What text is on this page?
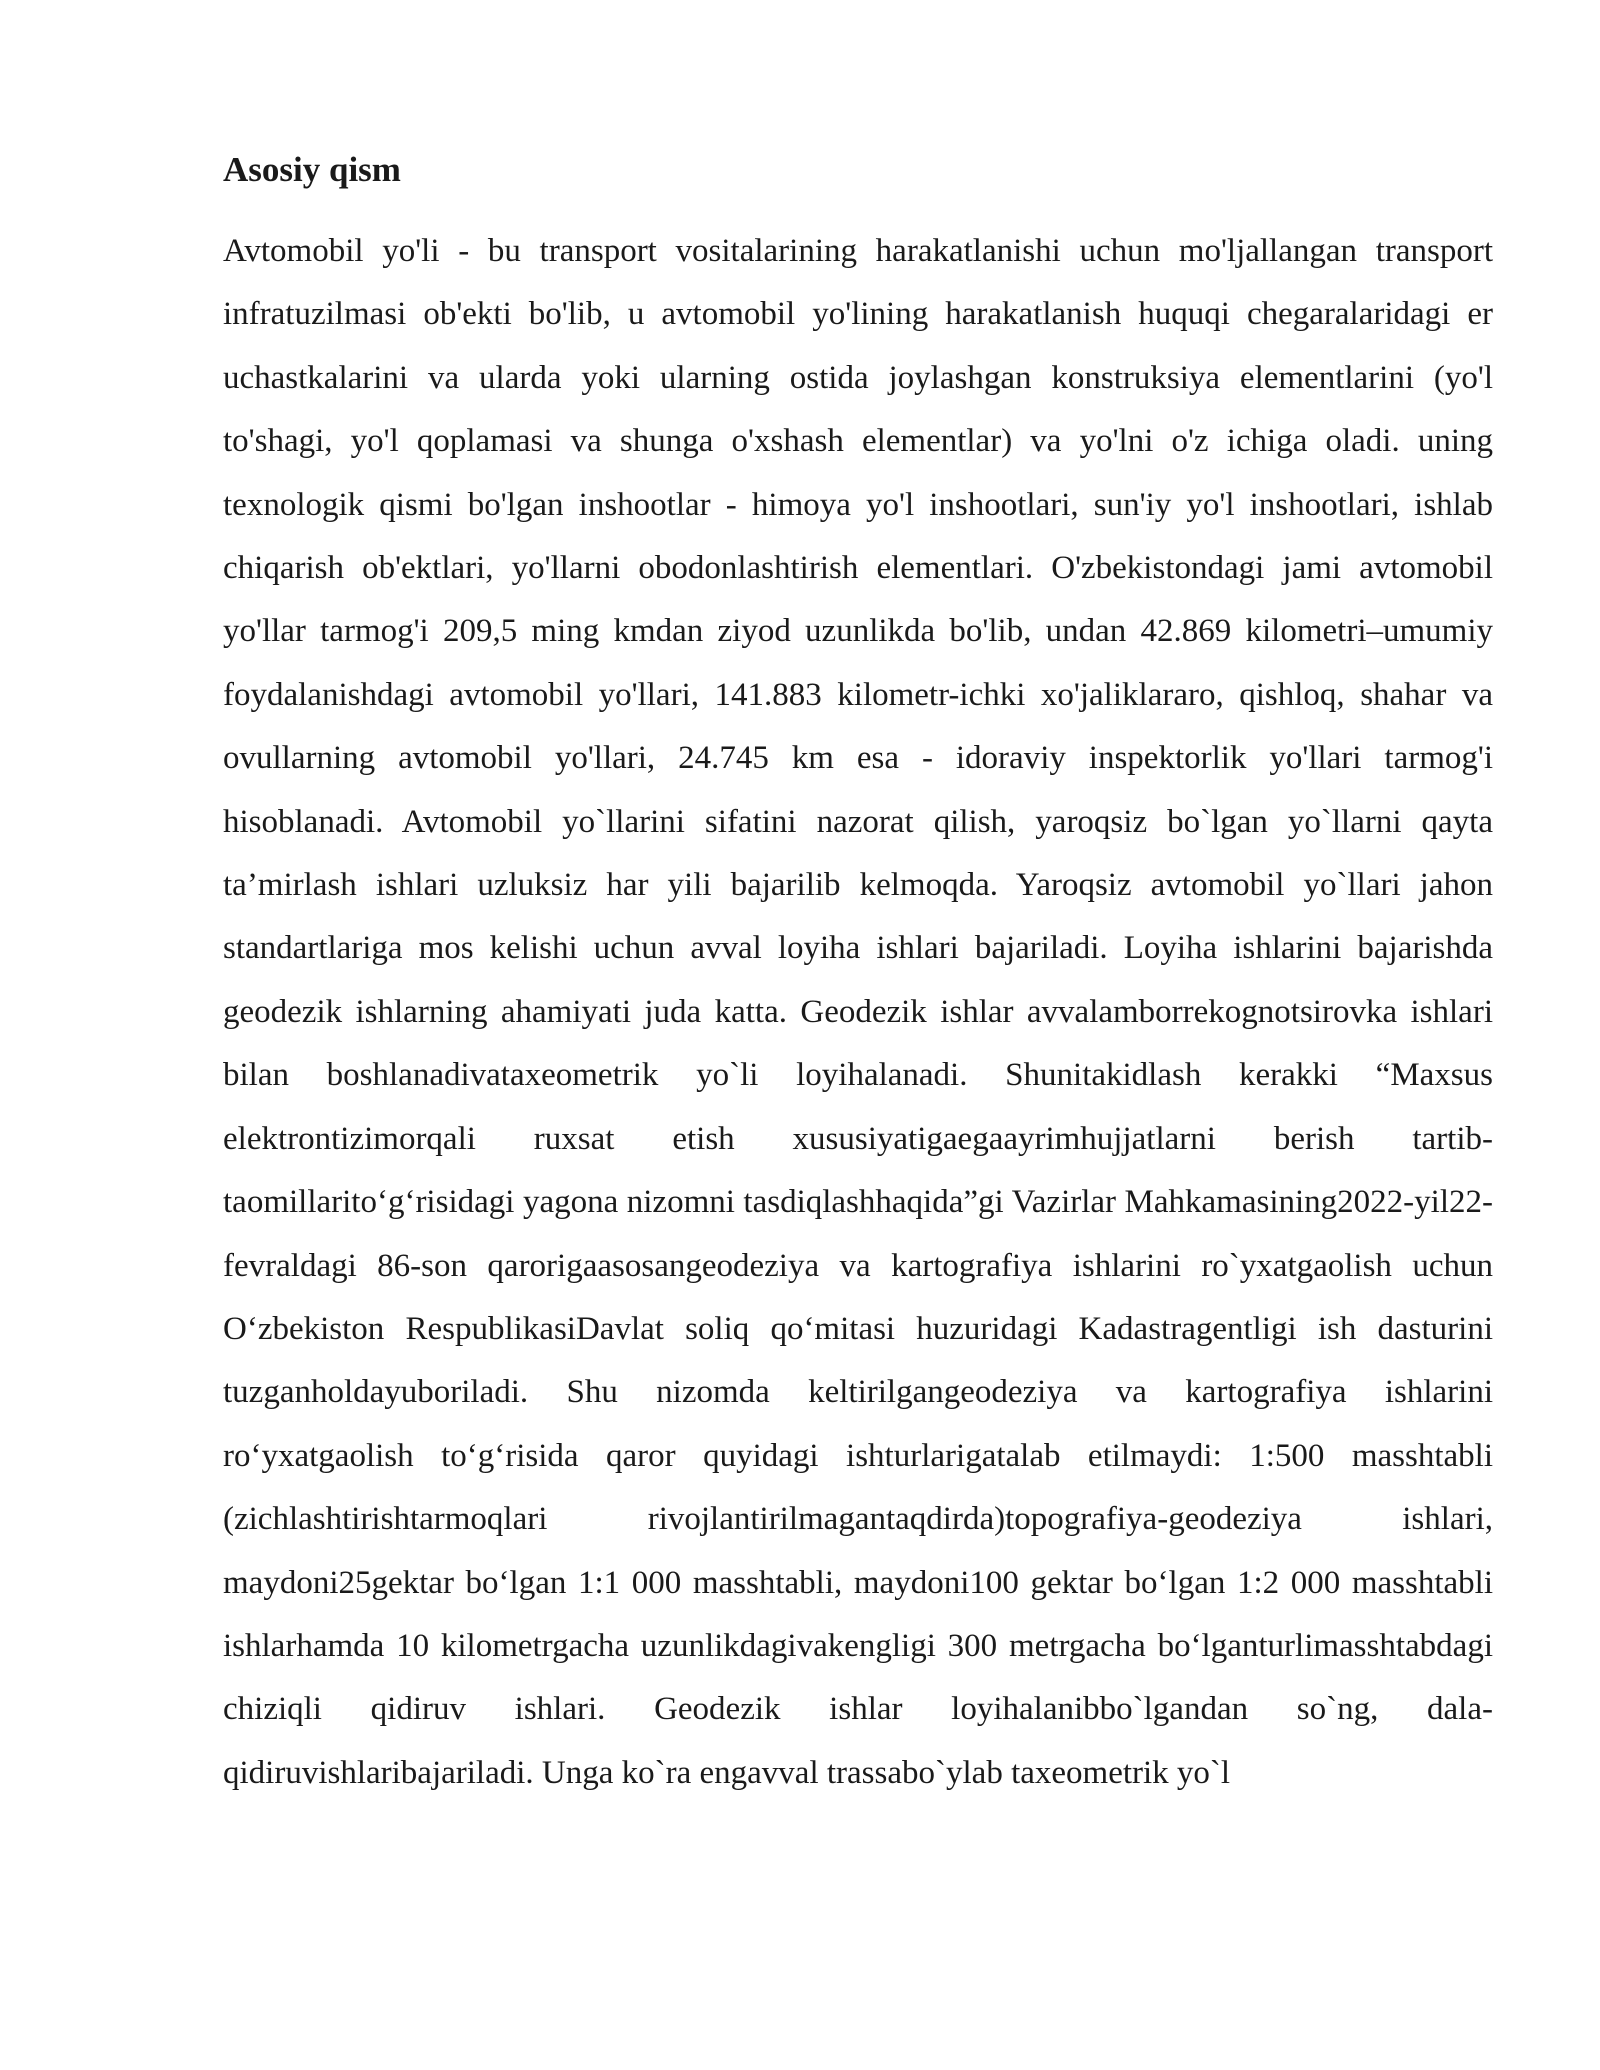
Asosiy qism

Avtomobil yo'li - bu transport vositalarining harakatlanishi uchun mo'ljallangan transport infratuzilmasi ob'ekti bo'lib, u avtomobil yo'lining harakatlanish huquqi chegaralaridagi er uchastkalarini va ularda yoki ularning ostida joylashgan konstruksiya elementlarini (yo'l to'shagi, yo'l qoplamasi va shunga o'xshash elementlar) va yo'lni o'z ichiga oladi. uning texnologik qismi bo'lgan inshootlar - himoya yo'l inshootlari, sun'iy yo'l inshootlari, ishlab chiqarish ob'ektlari, yo'llarni obodonlashtirish elementlari. O'zbekistondagi jami avtomobil yo'llar tarmog'i 209,5 ming kmdan ziyod uzunlikda bo'lib, undan 42.869 kilometri–umumiy foydalanishdagi avtomobil yo'llari, 141.883 kilometr-ichki xo'jaliklararo, qishloq, shahar va ovullarning avtomobil yo'llari, 24.745 km esa - idoraviy inspektorlik yo'llari tarmog'i hisoblanadi. Avtomobil yo`llarini sifatini nazorat qilish, yaroqsiz bo`lgan yo`llarni qayta ta’mirlash ishlari uzluksiz har yili bajarilib kelmoqda. Yaroqsiz avtomobil yo`llari jahon standartlariga mos kelishi uchun avval loyiha ishlari bajariladi. Loyiha ishlarini bajarishda geodezik ishlarning ahamiyati juda katta. Geodezik ishlar avvalamborrekognotsirovka ishlari bilan boshlanadivataxeometrik yo`li loyihalanadi. Shunitakidlash kerakki “Maxsus elektrontizimorqali ruxsat etish xususiyatigaegaayrimhujjatlarni berish tartib-taomillarito‘g‘risidagi yagona nizomni tasdiqlashhaqida”gi Vazirlar Mahkamasining2022-yil22-fevraldagi 86-son qarorigaasosangeodeziya va kartografiya ishlarini ro`yxatgaolish uchun O‘zbekiston RespublikasiDavlat soliq qo‘mitasi huzuridagi Kadastragentligi ish dasturini tuzganholdayuboriladi. Shu nizomda keltirilgangeodeziya va kartografiya ishlarini ro‘yxatgaolish to‘g‘risida qaror quyidagi ishturlarigatalab etilmaydi: 1:500 masshtabli (zichlashtirishtarmoqlari rivojlantirilmagantaqdirda)topografiya-geodeziya ishlari, maydoni25gektar bo‘lgan 1:1 000 masshtabli, maydoni100 gektar bo‘lgan 1:2 000 masshtabli ishlarhamda 10 kilometrgacha uzunlikdagivakengligi 300 metrgacha bo‘lganturlimasshtabdagi chiziqli qidiruv ishlari. Geodezik ishlar loyihalanibbo`lgandan so`ng, dala-qidiruvishlaribajariladi. Unga ko`ra engavval trassabo`ylab taxeometrik yo`l
